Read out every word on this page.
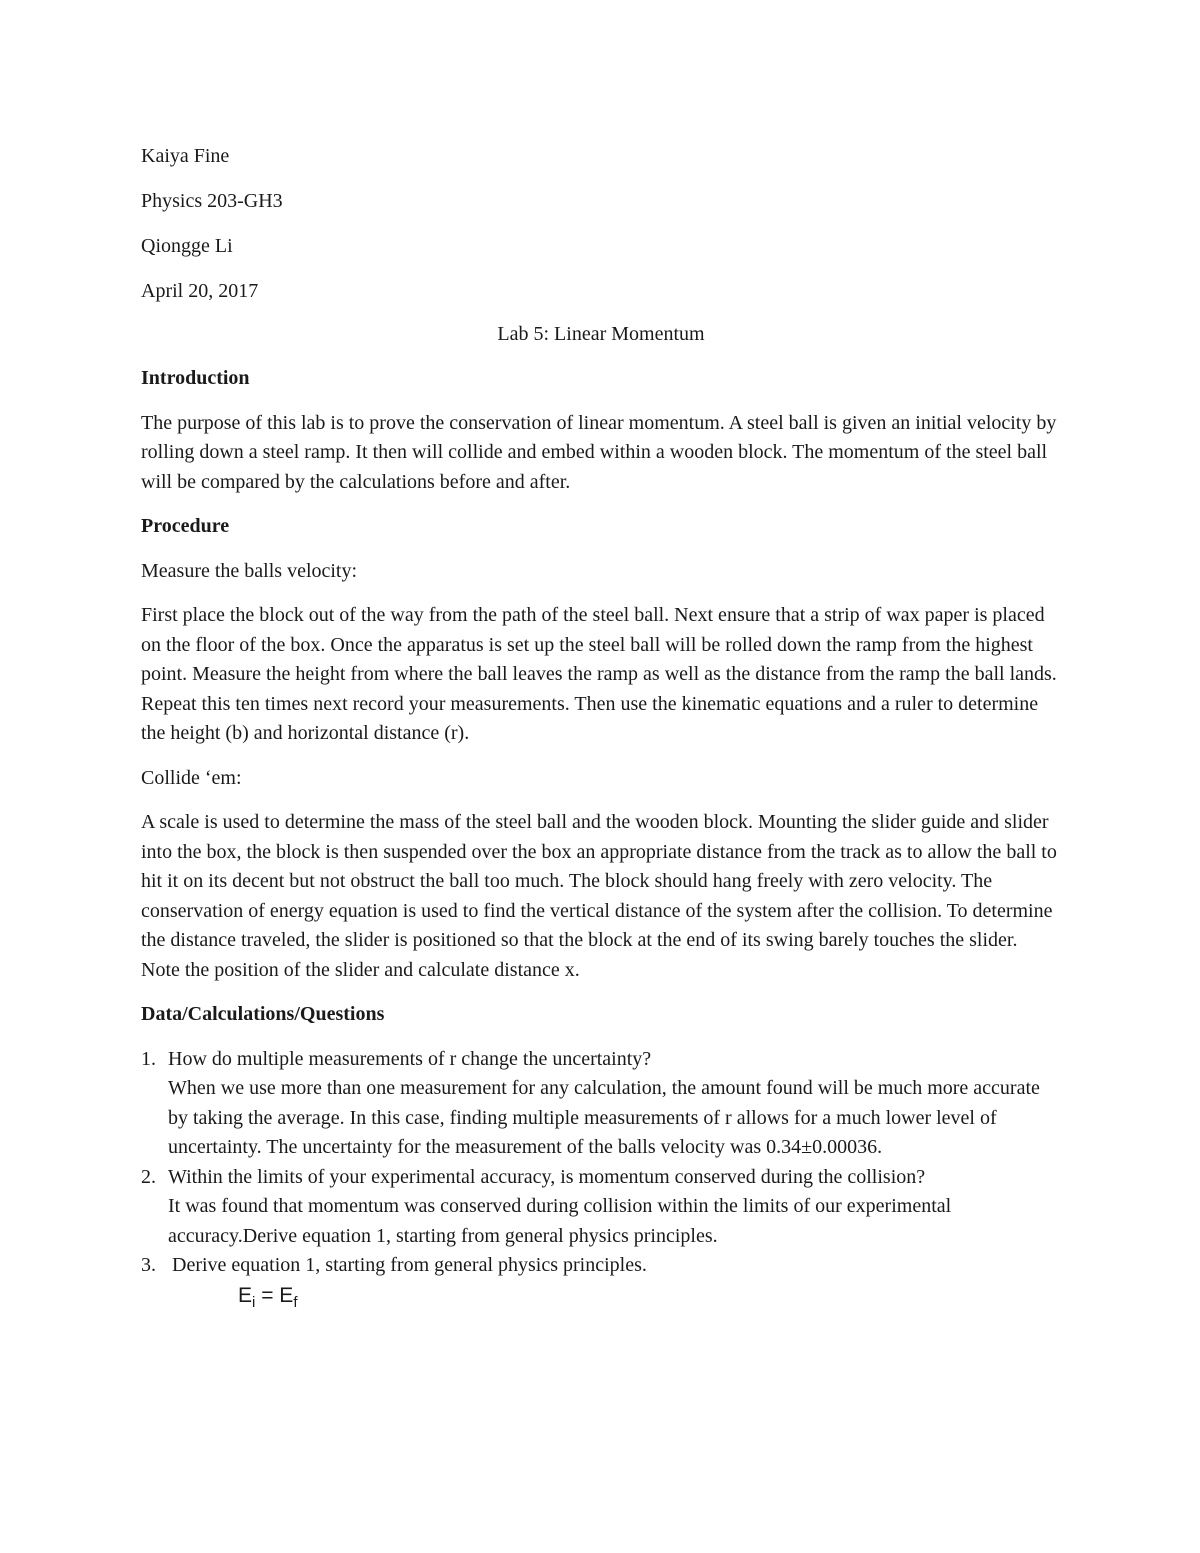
Kaiya Fine
Physics 203-GH3
Qiongge Li
April 20, 2017
Lab 5: Linear Momentum
Introduction

The purpose of this lab is to prove the conservation of linear momentum. A steel ball is given an initial velocity by rolling down a steel ramp. It then will collide and embed within a wooden block. The momentum of the steel ball will be compared by the calculations before and after.

Procedure

Measure the balls velocity:

First place the block out of the way from the path of the steel ball. Next ensure that a strip of wax paper is placed on the floor of the box. Once the apparatus is set up the steel ball will be rolled down the ramp from the highest point. Measure the height from where the ball leaves the ramp as well as the distance from the ramp the ball lands. Repeat this ten times next record your measurements. Then use the kinematic equations and a ruler to determine the height (b) and horizontal distance (r).

Collide ‘em:

A scale is used to determine the mass of the steel ball and the wooden block. Mounting the slider guide and slider into the box, the block is then suspended over the box an appropriate distance from the track as to allow the ball to hit it on its decent but not obstruct the ball too much. The block should hang freely with zero velocity. The conservation of energy equation is used to find the vertical distance of the system after the collision. To determine the distance traveled, the slider is positioned so that the block at the end of its swing barely touches the slider. Note the position of the slider and calculate distance x.

Data/Calculations/Questions
1. How do multiple measurements of r change the uncertainty?
When we use more than one measurement for any calculation, the amount found will be much more accurate by taking the average. In this case, finding multiple measurements of r allows for a much lower level of uncertainty. The uncertainty for the measurement of the balls velocity was 0.34±0.00036.
2. Within the limits of your experimental accuracy, is momentum conserved during the collision?
It was found that momentum was conserved during collision within the limits of our experimental accuracy.Derive equation 1, starting from general physics principles.
3. Derive equation 1, starting from general physics principles.
$E_i = E_f$
